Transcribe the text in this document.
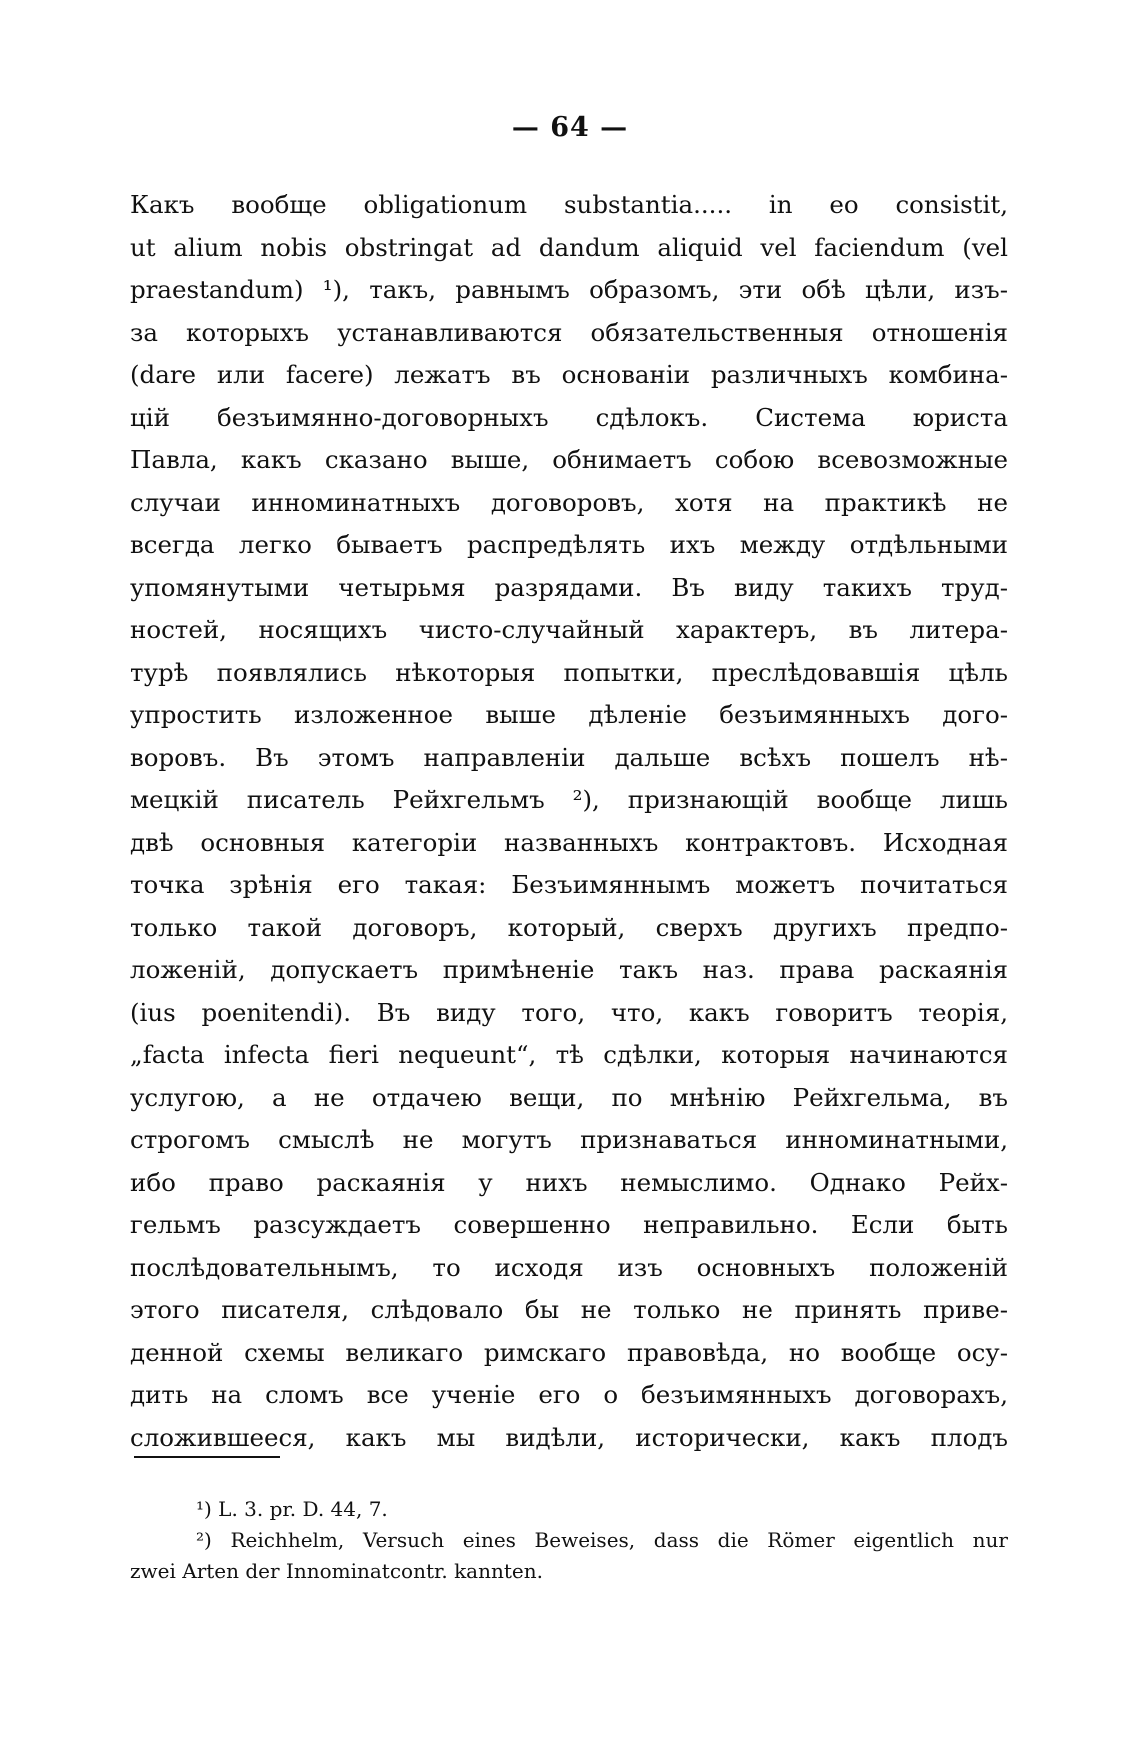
— 64 —
Какъ вообще obligationum substantia..... in eo consistit,
ut alium nobis obstringat ad dandum aliquid vel faciendum (vel
praestandum) ¹), такъ, равнымъ образомъ, эти обѣ цѣли, изъ-
за которыхъ устанавливаются обязательственныя отношенія
(dare или facere) лежатъ въ основаніи различныхъ комбина-
цій безъимянно-договорныхъ сдѣлокъ. Система юриста
Павла, какъ сказано выше, обнимаетъ собою всевозможные
случаи инноминатныхъ договоровъ, хотя на практикѣ не
всегда легко бываетъ распредѣлять ихъ между отдѣльными
упомянутыми четырьмя разрядами. Въ виду такихъ труд-
ностей, носящихъ чисто-случайный характеръ, въ литера-
турѣ появлялись нѣкоторыя попытки, преслѣдовавшія цѣль
упростить изложенное выше дѣленіе безъимянныхъ дого-
воровъ. Въ этомъ направленіи дальше всѣхъ пошелъ нѣ-
мецкій писатель Рейхгельмъ ²), признающій вообще лишь
двѣ основныя категоріи названныхъ контрактовъ. Исходная
точка зрѣнія его такая: Безъимяннымъ можетъ почитаться
только такой договоръ, который, сверхъ другихъ предпо-
ложеній, допускаетъ примѣненіе такъ наз. права раскаянія
(ius poenitendi). Въ виду того, что, какъ говоритъ теорія,
„facta infecta fieri nequeunt“, тѣ сдѣлки, которыя начинаются
услугою, а не отдачею вещи, по мнѣнію Рейхгельма, въ
строгомъ смыслѣ не могутъ признаваться инноминатными,
ибо право раскаянія у нихъ немыслимо. Однако Рейх-
гельмъ разсуждаетъ совершенно неправильно. Если быть
послѣдовательнымъ, то исходя изъ основныхъ положеній
этого писателя, слѣдовало бы не только не принять приве-
денной схемы великаго римскаго правовѣда, но вообще осу-
дить на сломъ все ученіе его о безъимянныхъ договорахъ,
сложившееся, какъ мы видѣли, исторически, какъ плодъ
¹) L. 3. pr. D. 44, 7.
²) Reichhelm, Versuch eines Beweises, dass die Römer eigentlich nur
zwei Arten der Innominatcontr. kannten.
